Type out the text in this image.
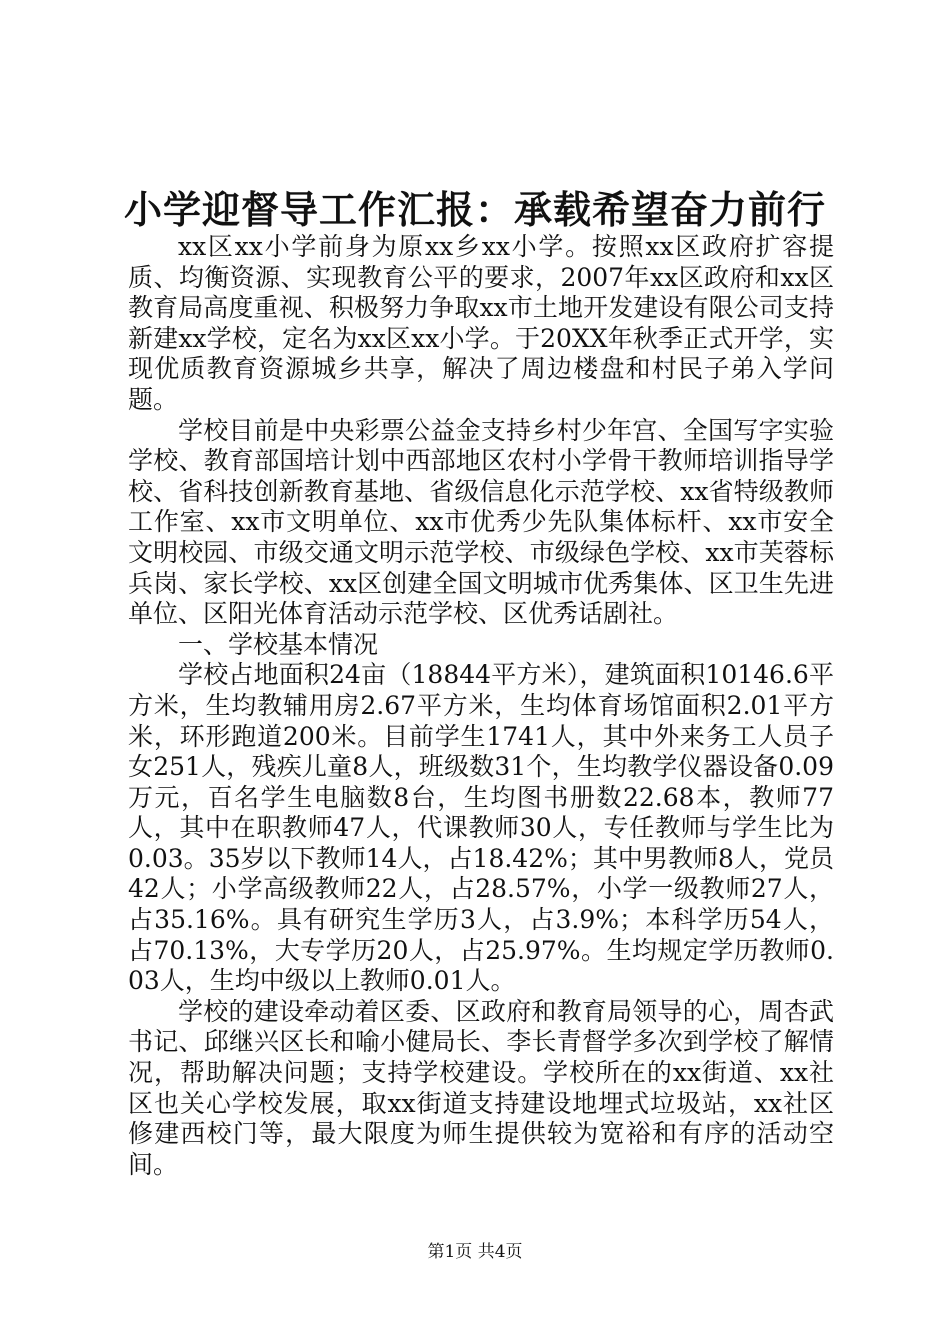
小学迎督导工作汇报：承载希望奋力前行

xx区xx小学前身为原xx乡xx小学。按照xx区政府扩容提质、均衡资源、实现教育公平的要求，2007年xx区政府和xx区教育局高度重视、积极努力争取xx市土地开发建设有限公司支持新建xx学校，定名为xx区xx小学。于20XX年秋季正式开学，实现优质教育资源城乡共享，解决了周边楼盘和村民子弟入学问题。

学校目前是中央彩票公益金支持乡村少年宫、全国写字实验学校、教育部国培计划中西部地区农村小学骨干教师培训指导学校、省科技创新教育基地、省级信息化示范学校、xx省特级教师工作室、xx市文明单位、xx市优秀少先队集体标杆、xx市安全文明校园、市级交通文明示范学校、市级绿色学校、xx市芙蓉标兵岗、家长学校、xx区创建全国文明城市优秀集体、区卫生先进单位、区阳光体育活动示范学校、区优秀话剧社。

一、学校基本情况

学校占地面积24亩（18844平方米），建筑面积10146.6平方米，生均教辅用房2.67平方米，生均体育场馆面积2.01平方米，环形跑道200米。目前学生1741人，其中外来务工人员子女251人，残疾儿童8人，班级数31个，生均教学仪器设备0.09万元，百名学生电脑数8台，生均图书册数22.68本，教师77人，其中在职教师47人，代课教师30人，专任教师与学生比为0.03。35岁以下教师14人，占18.42%；其中男教师8人，党员42人；小学高级教师22人，占28.57%，小学一级教师27人，占35.16%。具有研究生学历3人，占3.9%；本科学历54人，占70.13%，大专学历20人，占25.97%。生均规定学历教师0.03人，生均中级以上教师0.01人。

学校的建设牵动着区委、区政府和教育局领导的心，周杏武书记、邱继兴区长和喻小健局长、李长青督学多次到学校了解情况，帮助解决问题；支持学校建设。学校所在的xx街道、xx社区也关心学校发展，取xx街道支持建设地埋式垃圾站，xx社区修建西校门等，最大限度为师生提供较为宽裕和有序的活动空间。

第1页 共4页
